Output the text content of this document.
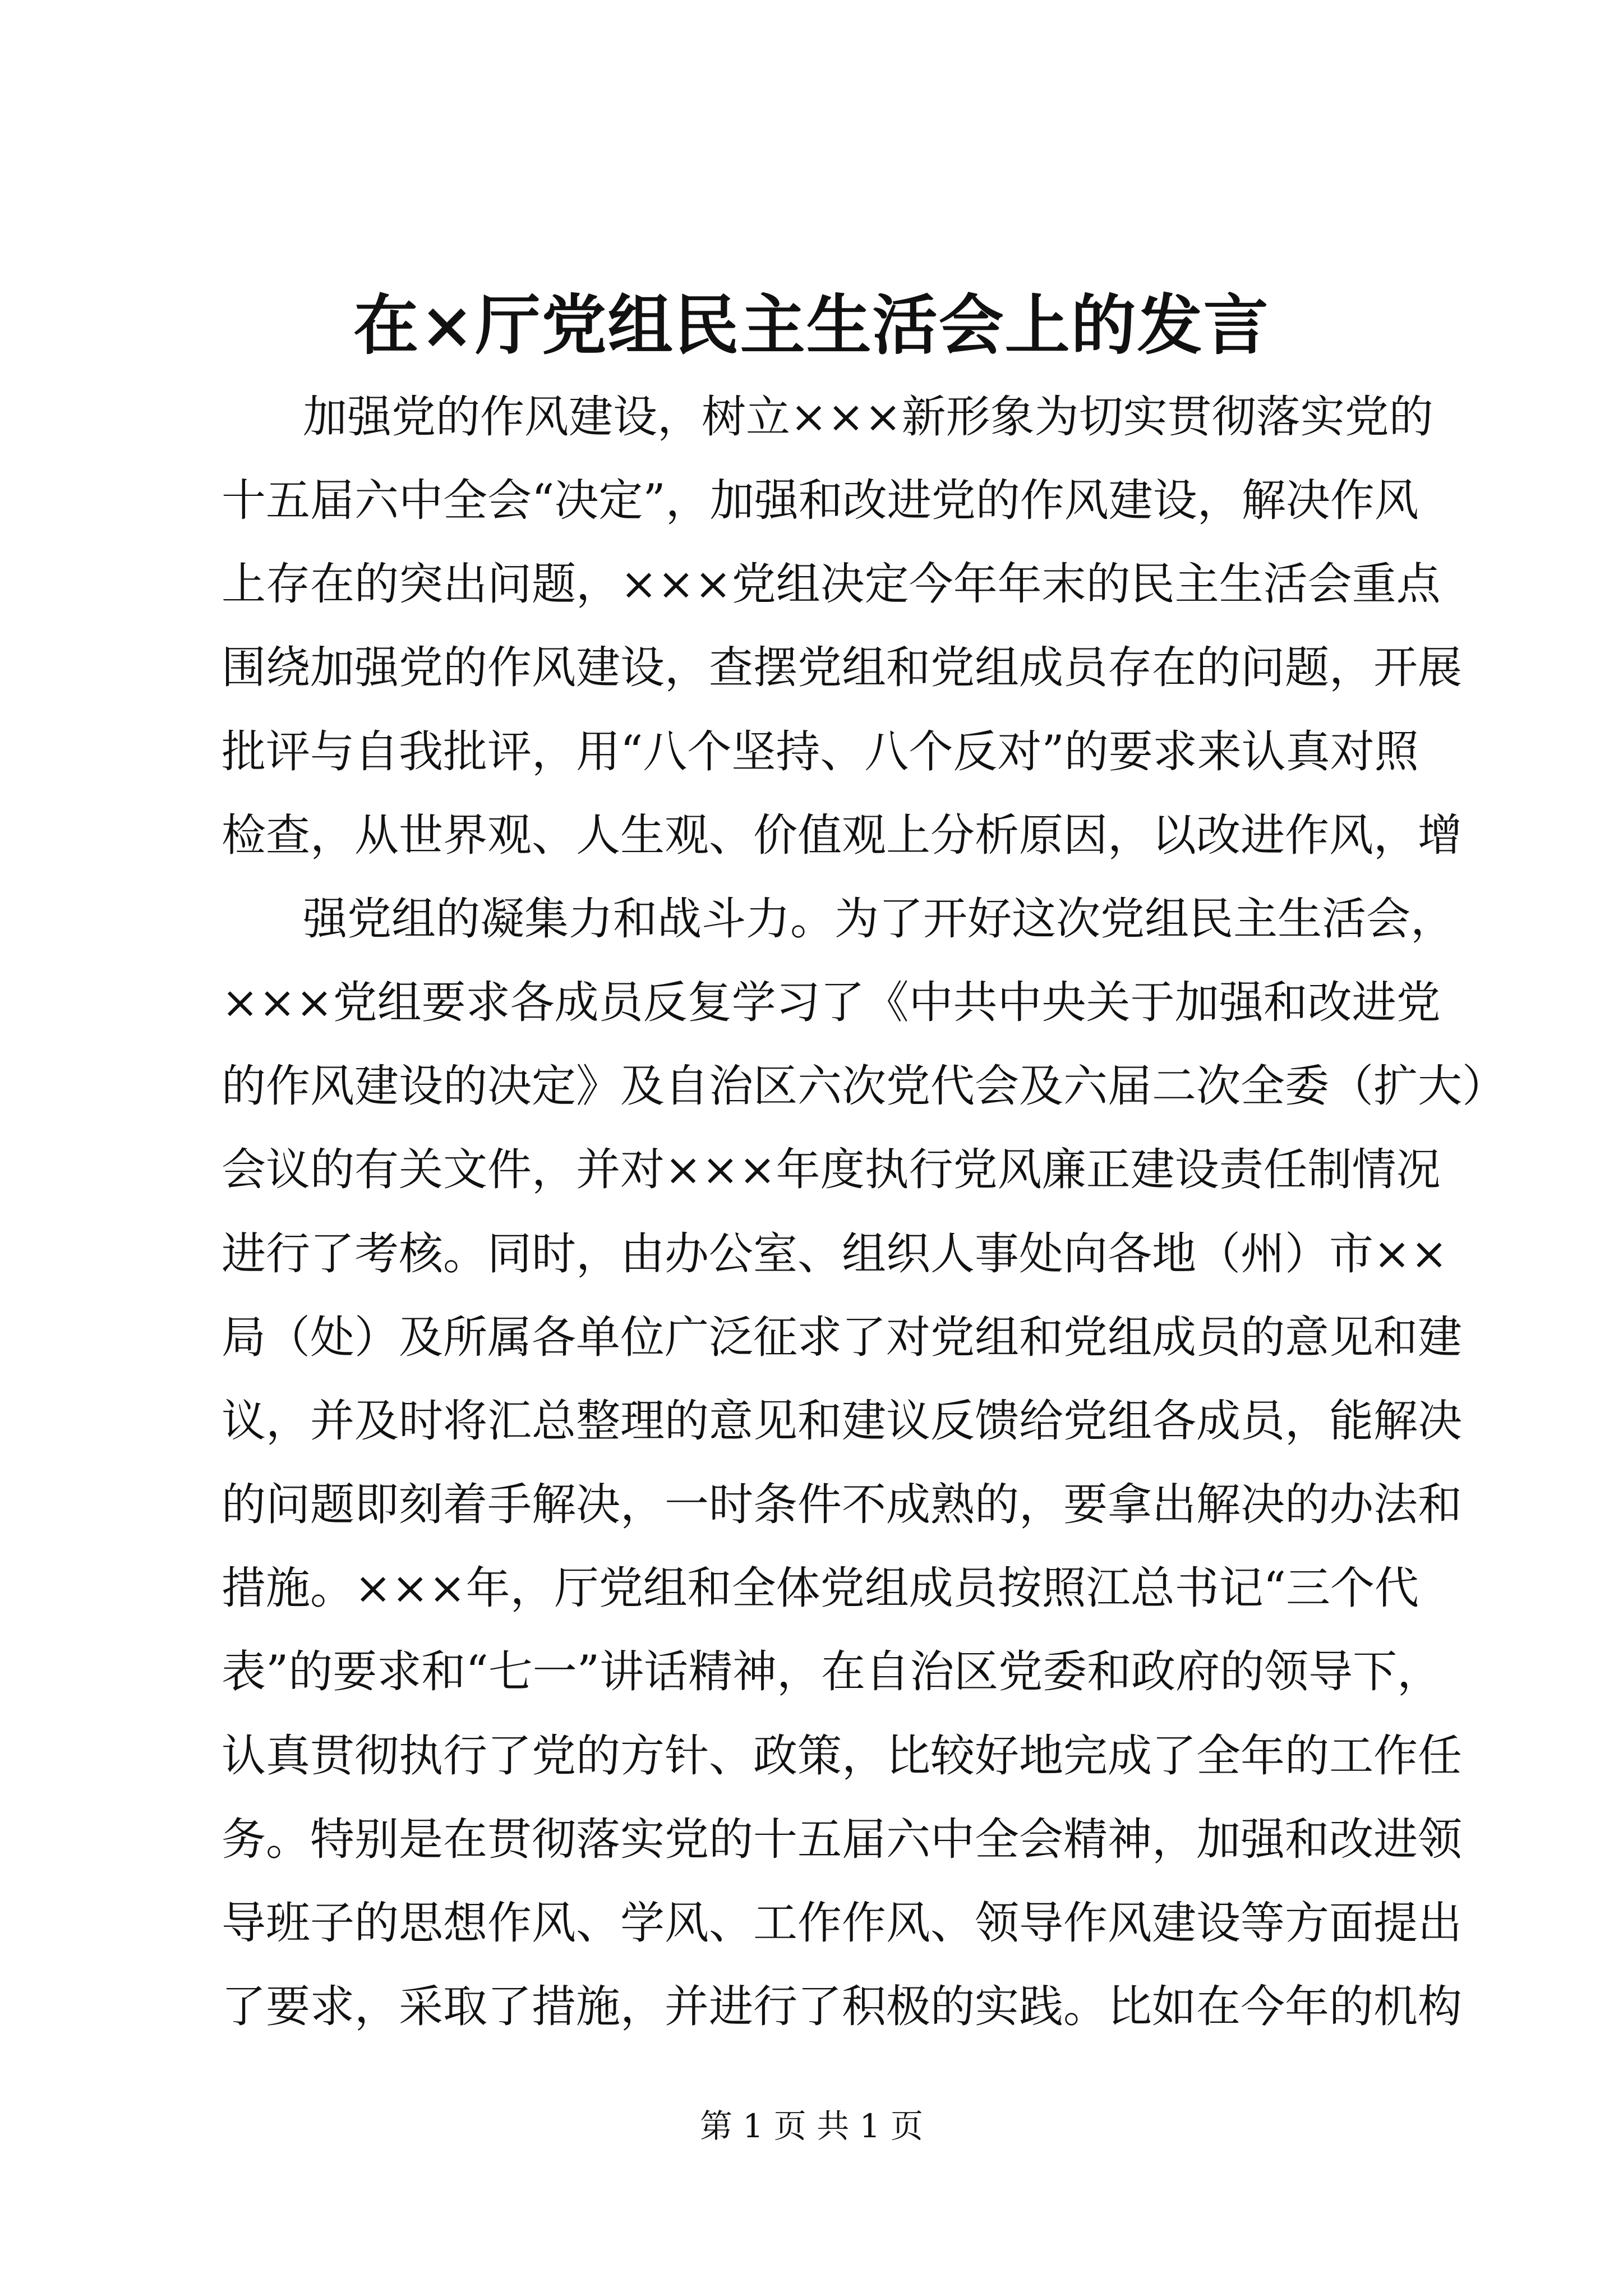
在×厅党组民主生活会上的发言
加强党的作风建设，树立×××新形象为切实贯彻落实党的
十五届六中全会“决定”，加强和改进党的作风建设，解决作风
上存在的突出问题，×××党组决定今年年末的民主生活会重点
围绕加强党的作风建设，查摆党组和党组成员存在的问题，开展
批评与自我批评，用“八个坚持、八个反对”的要求来认真对照
检查，从世界观、人生观、价值观上分析原因，以改进作风，增
强党组的凝集力和战斗力。为了开好这次党组民主生活会，
×××党组要求各成员反复学习了《中共中央关于加强和改进党
的作风建设的决定》及自治区六次党代会及六届二次全委（扩大）
会议的有关文件，并对×××年度执行党风廉正建设责任制情况
进行了考核。同时，由办公室、组织人事处向各地（州）市××
局（处）及所属各单位广泛征求了对党组和党组成员的意见和建
议，并及时将汇总整理的意见和建议反馈给党组各成员，能解决
的问题即刻着手解决，一时条件不成熟的，要拿出解决的办法和
措施。×××年，厅党组和全体党组成员按照江总书记“三个代
表”的要求和“七一”讲话精神，在自治区党委和政府的领导下，
认真贯彻执行了党的方针、政策，比较好地完成了全年的工作任
务。特别是在贯彻落实党的十五届六中全会精神，加强和改进领
导班子的思想作风、学风、工作作风、领导作风建设等方面提出
了要求，采取了措施，并进行了积极的实践。比如在今年的机构
第 1 页 共 1 页
